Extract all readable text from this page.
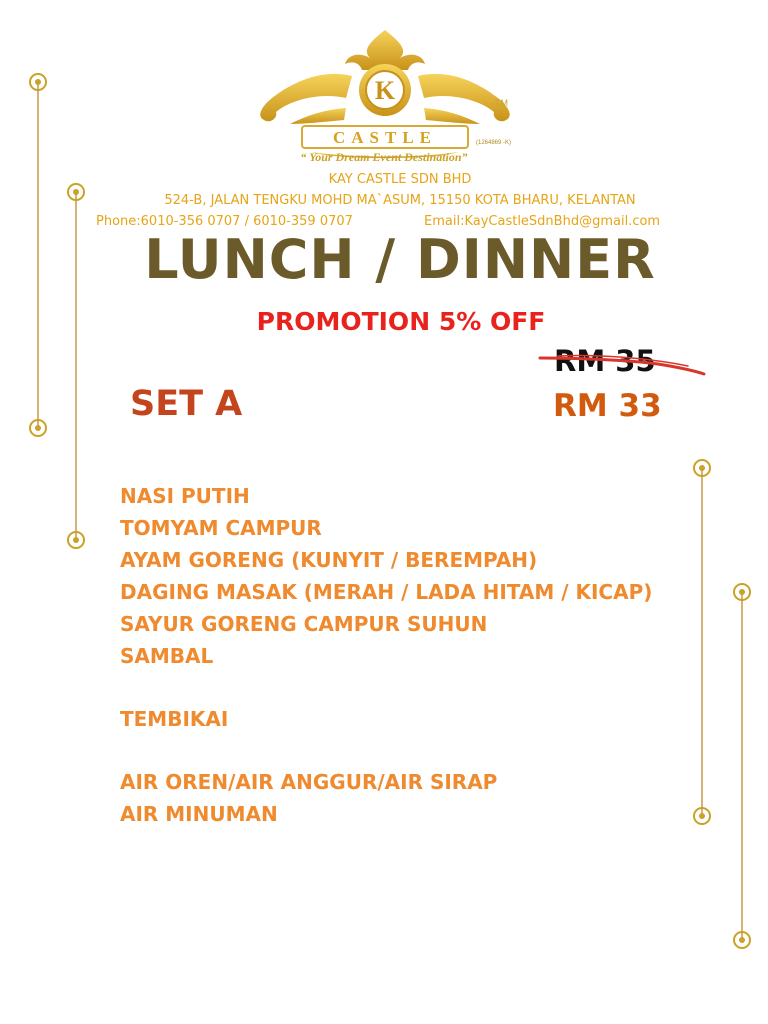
K
CASTLE
TM
(1264869 -K)
“ Your Dream Event Destination”
KAY CASTLE SDN BHD
524-B, JALAN TENGKU MOHD MA`ASUM, 15150 KOTA BHARU, KELANTAN
Phone:6010-356 0707 / 6010-359 0707	Email:KayCastleSdnBhd@gmail.com
LUNCH / DINNER
PROMOTION 5% OFF
SET A
RM 35
RM 33
NASI PUTIH
TOMYAM CAMPUR
AYAM GORENG (KUNYIT / BEREMPAH)
DAGING MASAK (MERAH / LADA HITAM / KICAP)
SAYUR GORENG CAMPUR SUHUN
SAMBAL
TEMBIKAI
AIR OREN/AIR ANGGUR/AIR SIRAP
AIR MINUMAN
